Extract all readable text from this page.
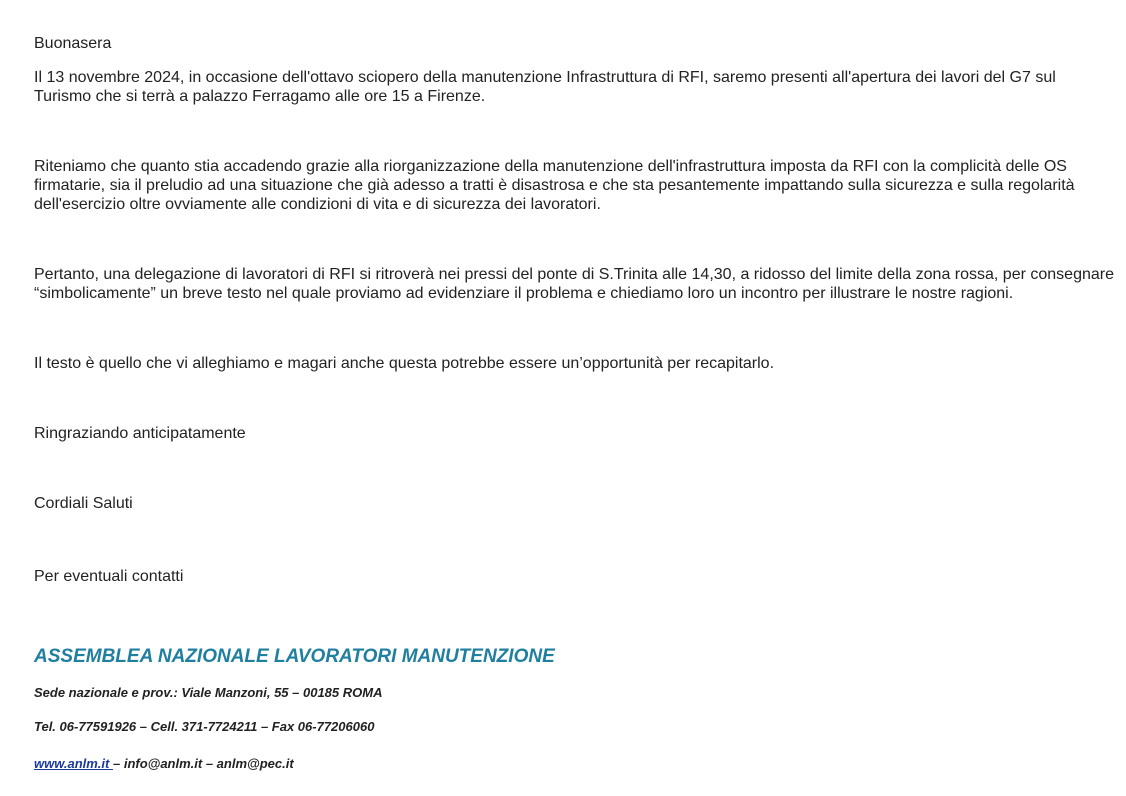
Buonasera

Il 13 novembre 2024, in occasione dell'ottavo sciopero della manutenzione Infrastruttura di RFI, saremo presenti all'apertura dei lavori del G7 sul Turismo che si terrà a palazzo Ferragamo alle ore 15 a Firenze.

Riteniamo che quanto stia accadendo grazie alla riorganizzazione della manutenzione dell'infrastruttura imposta da RFI con la complicità delle OS firmatarie, sia il preludio ad una situazione che già adesso a tratti è disastrosa e che sta pesantemente impattando sulla sicurezza e sulla regolarità dell'esercizio oltre ovviamente alle condizioni di vita e di sicurezza dei lavoratori.

Pertanto, una delegazione di lavoratori di RFI si ritroverà nei pressi del ponte di S.Trinita alle 14,30, a ridosso del limite della zona rossa, per consegnare “simbolicamente” un breve testo nel quale proviamo ad evidenziare il problema e chiediamo loro un incontro per illustrare le nostre ragioni.

Il testo è quello che vi alleghiamo e magari anche questa potrebbe essere un’opportunità per recapitarlo.

Ringraziando anticipatamente

Cordiali Saluti

Per eventuali contatti

ASSEMBLEA NAZIONALE LAVORATORI MANUTENZIONE

Sede nazionale e prov.: Viale Manzoni, 55 – 00185 ROMA

Tel. 06-77591926 – Cell. 371-7724211 – Fax 06-77206060

www.anlm.it – info@anlm.it – anlm@pec.it
